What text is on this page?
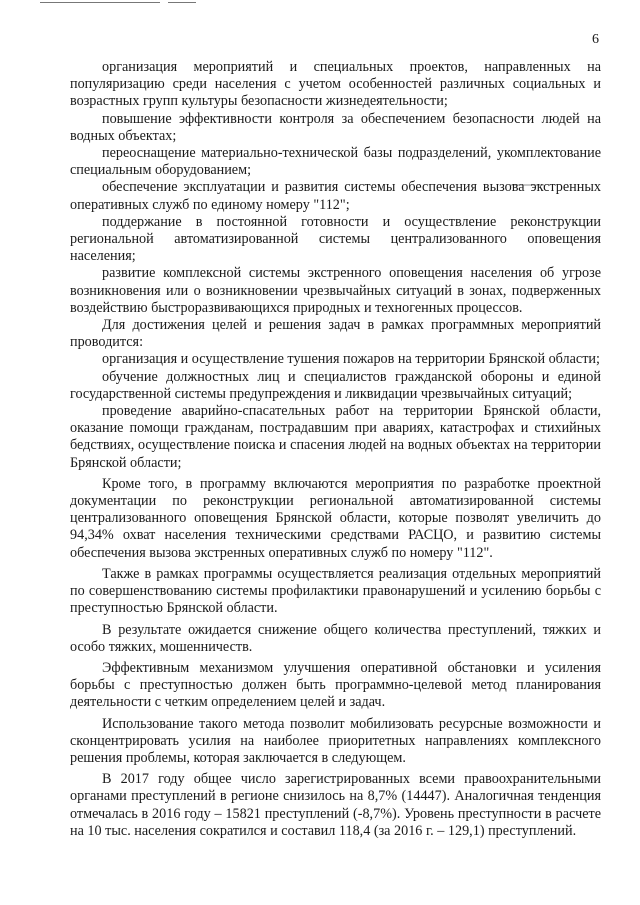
6

организация мероприятий и специальных проектов, направленных на популяризацию среди населения с учетом особенностей различных социальных и возрастных групп культуры безопасности жизнедеятельности;

повышение эффективности контроля за обеспечением безопасности людей на водных объектах;

переоснащение материально-технической базы подразделений, укомплектование специальным оборудованием;

обеспечение эксплуатации и развития системы обеспечения вызова экстренных оперативных служб по единому номеру "112";

поддержание в постоянной готовности и осуществление реконструкции региональной автоматизированной системы централизованного оповещения населения;

развитие комплексной системы экстренного оповещения населения об угрозе возникновения или о возникновении чрезвычайных ситуаций в зонах, подверженных воздействию быстроразвивающихся природных и техногенных процессов.

Для достижения целей и решения задач в рамках программных мероприятий проводится:

организация и осуществление тушения пожаров на территории Брянской области;

обучение должностных лиц и специалистов гражданской обороны и единой государственной системы предупреждения и ликвидации чрезвычайных ситуаций;

проведение аварийно-спасательных работ на территории Брянской области, оказание помощи гражданам, пострадавшим при авариях, катастрофах и стихийных бедствиях, осуществление поиска и спасения людей на водных объектах на территории Брянской области;

Кроме того, в программу включаются мероприятия по разработке проектной документации по реконструкции региональной автоматизированной системы централизованного оповещения Брянской области, которые позволят увеличить до 94,34% охват населения техническими средствами РАСЦО, и развитию системы обеспечения вызова экстренных оперативных служб по номеру "112".

Также в рамках программы осуществляется реализация отдельных мероприятий по совершенствованию системы профилактики правонарушений и усилению борьбы с преступностью Брянской области.

В результате ожидается снижение общего количества преступлений, тяжких и особо тяжких, мошенничеств.

Эффективным механизмом улучшения оперативной обстановки и усиления борьбы с преступностью должен быть программно-целевой метод планирования деятельности с четким определением целей и задач.

Использование такого метода позволит мобилизовать ресурсные возможности и сконцентрировать усилия на наиболее приоритетных направлениях комплексного решения проблемы, которая заключается в следующем.

В 2017 году общее число зарегистрированных всеми правоохранительными органами преступлений в регионе снизилось на 8,7% (14447). Аналогичная тенденция отмечалась в 2016 году – 15821 преступлений (-8,7%). Уровень преступности в расчете на 10 тыс. населения сократился и составил 118,4 (за 2016 г. – 129,1) преступлений.
